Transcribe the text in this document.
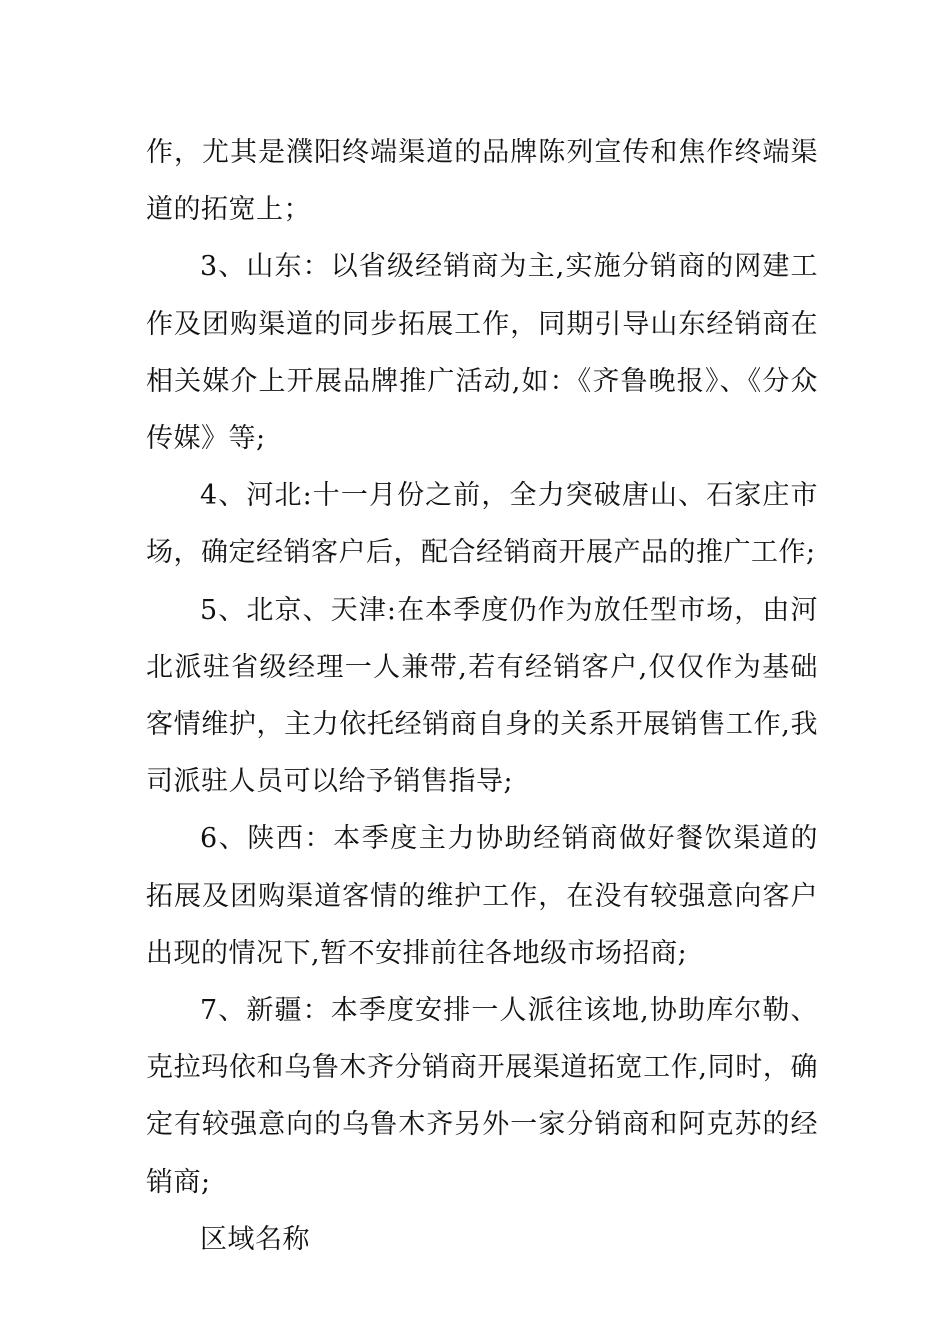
作，尤其是濮阳终端渠道的品牌陈列宣传和焦作终端渠道的拓宽上；

3、山东：以省级经销商为主,实施分销商的网建工作及团购渠道的同步拓展工作，同期引导山东经销商在相关媒介上开展品牌推广活动,如：《齐鲁晚报》、《分众传媒》等;

4、河北:十一月份之前，全力突破唐山、石家庄市场，确定经销客户后，配合经销商开展产品的推广工作;

5、北京、天津:在本季度仍作为放任型市场，由河北派驻省级经理一人兼带,若有经销客户,仅仅作为基础客情维护，主力依托经销商自身的关系开展销售工作,我司派驻人员可以给予销售指导;

6、陕西：本季度主力协助经销商做好餐饮渠道的拓展及团购渠道客情的维护工作，在没有较强意向客户出现的情况下,暂不安排前往各地级市场招商;

7、新疆：本季度安排一人派往该地,协助库尔勒、克拉玛依和乌鲁木齐分销商开展渠道拓宽工作,同时，确定有较强意向的乌鲁木齐另外一家分销商和阿克苏的经销商;

区域名称
